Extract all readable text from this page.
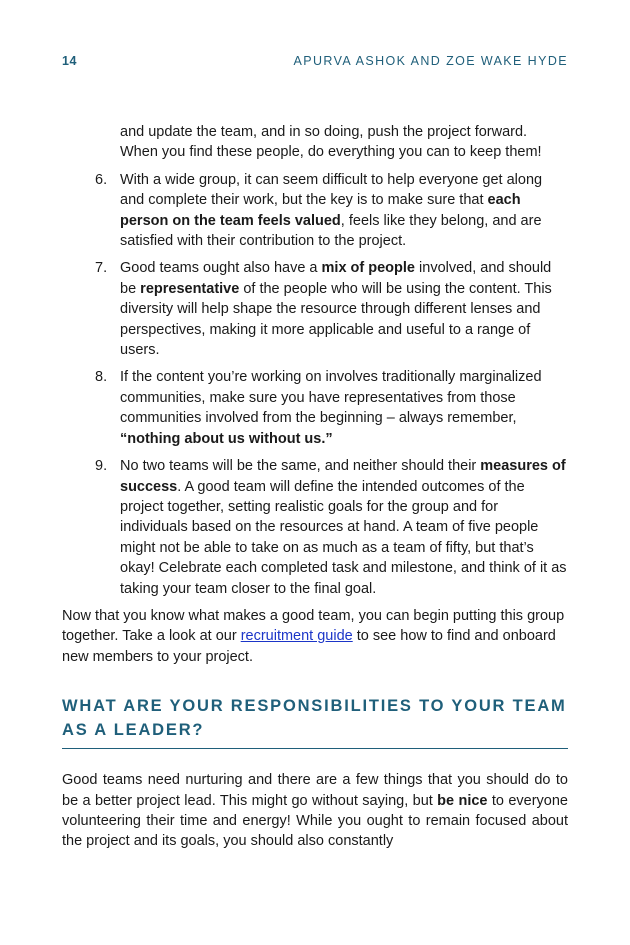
14	APURVA ASHOK AND ZOE WAKE HYDE
and update the team, and in so doing, push the project forward. When you find these people, do everything you can to keep them!
6. With a wide group, it can seem difficult to help everyone get along and complete their work, but the key is to make sure that each person on the team feels valued, feels like they belong, and are satisfied with their contribution to the project.
7. Good teams ought also have a mix of people involved, and should be representative of the people who will be using the content. This diversity will help shape the resource through different lenses and perspectives, making it more applicable and useful to a range of users.
8. If the content you’re working on involves traditionally marginalized communities, make sure you have representatives from those communities involved from the beginning – always remember, “nothing about us without us.”
9. No two teams will be the same, and neither should their measures of success. A good team will define the intended outcomes of the project together, setting realistic goals for the group and for individuals based on the resources at hand. A team of five people might not be able to take on as much as a team of fifty, but that’s okay! Celebrate each completed task and milestone, and think of it as taking your team closer to the final goal.

Now that you know what makes a good team, you can begin putting this group together. Take a look at our recruitment guide to see how to find and onboard new members to your project.

WHAT ARE YOUR RESPONSIBILITIES TO YOUR TEAM AS A LEADER?

Good teams need nurturing and there are a few things that you should do to be a better project lead. This might go without saying, but be nice to everyone volunteering their time and energy! While you ought to remain focused about the project and its goals, you should also constantly
